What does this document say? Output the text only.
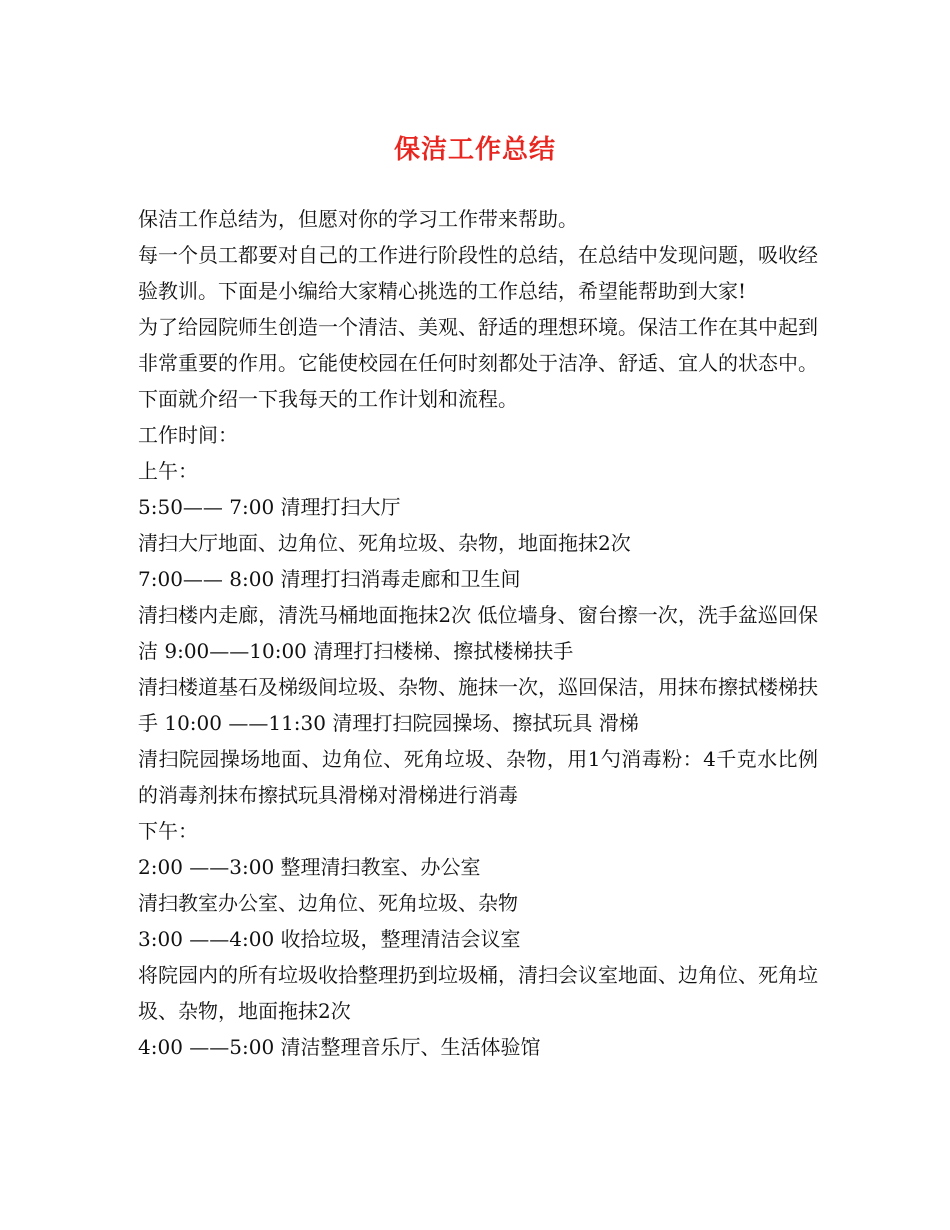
保洁工作总结

保洁工作总结为，但愿对你的学习工作带来帮助。

每一个员工都要对自己的工作进行阶段性的总结，在总结中发现问题，吸收经验教训。下面是小编给大家精心挑选的工作总结，希望能帮助到大家!

为了给园院师生创造一个清洁、美观、舒适的理想环境。保洁工作在其中起到非常重要的作用。它能使校园在任何时刻都处于洁净、舒适、宜人的状态中。下面就介绍一下我每天的工作计划和流程。

工作时间：

上午：

5:50—— 7:00 清理打扫大厅

清扫大厅地面、边角位、死角垃圾、杂物，地面拖抹2次

7:00—— 8:00 清理打扫消毒走廊和卫生间

清扫楼内走廊，清洗马桶地面拖抹2次 低位墙身、窗台擦一次，洗手盆巡回保洁 9:00——10:00 清理打扫楼梯、擦拭楼梯扶手

清扫楼道基石及梯级间垃圾、杂物、施抹一次，巡回保洁，用抹布擦拭楼梯扶手 10:00 ——11:30 清理打扫院园操场、擦拭玩具 滑梯

清扫院园操场地面、边角位、死角垃圾、杂物，用1勺消毒粉：4千克水比例的消毒剂抹布擦拭玩具滑梯对滑梯进行消毒

下午：

2:00 ——3:00 整理清扫教室、办公室

清扫教室办公室、边角位、死角垃圾、杂物

3:00 ——4:00 收拾垃圾，整理清洁会议室

将院园内的所有垃圾收拾整理扔到垃圾桶，清扫会议室地面、边角位、死角垃圾、杂物，地面拖抹2次

4:00 ——5:00 清洁整理音乐厅、生活体验馆
